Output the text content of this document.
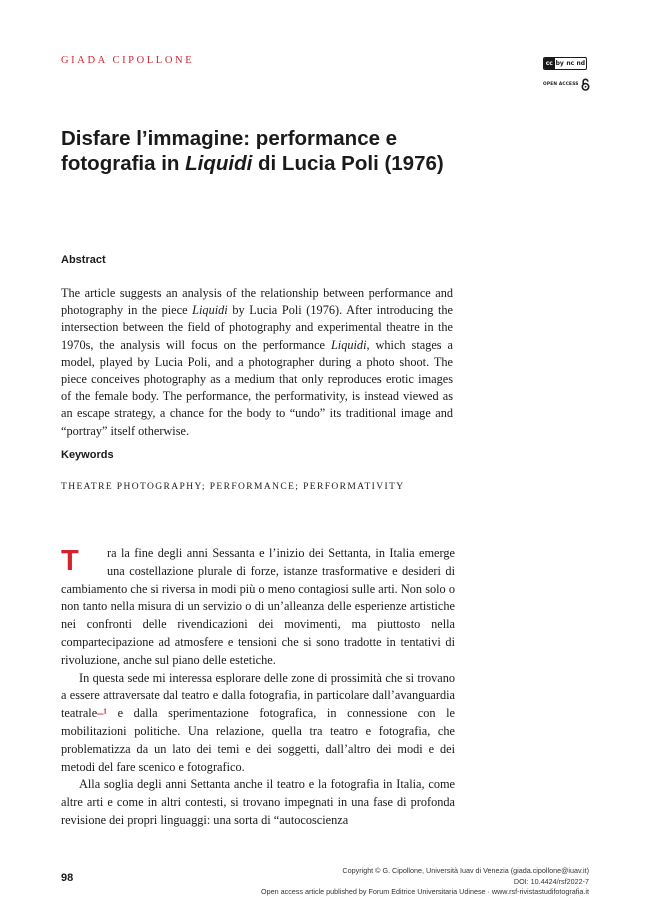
GIADA CIPOLLONE	cc by nc nd
OPEN ACCESS
Disfare l’immagine: performance e fotografia in Liquidi di Lucia Poli (1976)
Abstract

The article suggests an analysis of the relationship between performance and photography in the piece Liquidi by Lucia Poli (1976). After introducing the intersection between the field of photography and experimental theatre in the 1970s, the analysis will focus on the performance Liquidi, which stages a model, played by Lucia Poli, and a photographer during a photo shoot. The piece conceives photography as a medium that only reproduces erotic images of the female body. The performance, the performativity, is instead viewed as an escape strategy, a chance for the body to “undo” its traditional image and “portray” itself otherwise.

Keywords
THEATRE PHOTOGRAPHY; PERFORMANCE; PERFORMATIVITY

T	ra la fine degli anni Sessanta e l’inizio dei Settanta, in Italia emerge una costellazione plurale di forze, istanze trasformative e desideri di cambiamento che si riversa in modi più o meno contagiosi sulle arti. Non solo o non tanto nella misura di un servizio o di un’alleanza delle esperienze artistiche nei confronti delle rivendicazioni dei movimenti, ma piuttosto nella compartecipazione ad atmosfere e tensioni che si sono tradotte in tentativi di rivoluzione, anche sul piano delle estetiche.

In questa sede mi interessa esplorare delle zone di prossimità che si trovano a essere attraversate dal teatro e dalla fotografia, in particolare dall’avanguardia teatrale–¹ e dalla sperimentazione fotografica, in connessione con le mobilitazioni politiche. Una relazione, quella tra teatro e fotografia, che problematizza da un lato dei temi e dei soggetti, dall’altro dei modi e dei metodi del fare scenico e fotografico.

Alla soglia degli anni Settanta anche il teatro e la fotografia in Italia, come altre arti e come in altri contesti, si trovano impegnati in una fase di profonda revisione dei propri linguaggi: una sorta di “autocoscienza

98
Copyright © G. Cipollone, Università Iuav di Venezia (giada.cipollone@iuav.it)
DOI: 10.4424/rsf2022-7
Open access article published by Forum Editrice Universitaria Udinese · www.rsf-rivistastudifotografia.it
